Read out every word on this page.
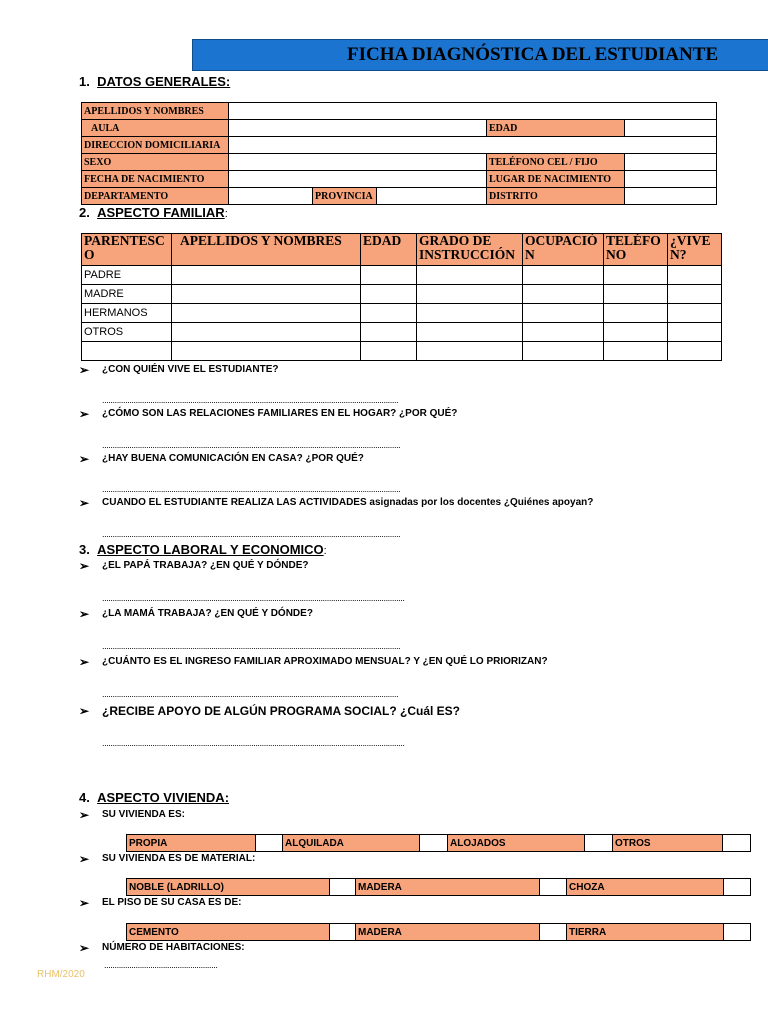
FICHA DIAGNÓSTICA DEL ESTUDIANTE
1. DATOS GENERALES:
APELLIDOS Y NOMBRES					
AULA				EDAD	
DIRECCION DOMICILIARIA					
SEXO				TELÉFONO CEL / FIJO	
FECHA DE NACIMIENTO				LUGAR DE NACIMIENTO	
DEPARTAMENTO		PROVINCIA		DISTRITO	
2. ASPECTO FAMILIAR:
PARENTESCO	APELLIDOS Y NOMBRES	EDAD	GRADO DE INSTRUCCIÓN	OCUPACIÓN	TELÉFONO	¿VIVEN?
PADRE						
MADRE						
HERMANOS						
OTROS						

➢ ¿CON QUIÉN VIVE EL ESTUDIANTE?
.............................................................................................................................................
➢ ¿CÓMO SON LAS RELACIONES FAMILIARES EN EL HOGAR? ¿POR QUÉ?
..............................................................................................................................................
➢ ¿HAY BUENA COMUNICACIÓN EN CASA? ¿POR QUÉ?
..............................................................................................................................................
➢ CUANDO EL ESTUDIANTE REALIZA LAS ACTIVIDADES asignadas por los docentes ¿Quiénes apoyan?
..............................................................................................................................................
3. ASPECTO LABORAL Y ECONOMICO:
➢ ¿EL PAPÁ TRABAJA? ¿EN QUÉ Y DÓNDE?
................................................................................................................................................
➢ ¿LA MAMÁ TRABAJA? ¿EN QUÉ Y DÓNDE?
..............................................................................................................................................
➢ ¿CUÁNTO ES EL INGRESO FAMILIAR APROXIMADO MENSUAL? Y ¿EN QUÉ LO PRIORIZAN?
.............................................................................................................................................
➢ ¿RECIBE APOYO DE ALGÚN PROGRAMA SOCIAL? ¿Cuál ES?
................................................................................................................................................
4. ASPECTO VIVIENDA:
➢ SU VIVIENDA ES:
PROPIA		ALQUILADA		ALOJADOS		OTROS	
➢ SU VIVIENDA ES DE MATERIAL:
NOBLE (LADRILLO)		MADERA		CHOZA	
➢ EL PISO DE SU CASA ES DE:
CEMENTO		MADERA		TIERRA	
➢ NÚMERO DE HABITACIONES:
......................................................
RHM/2020
